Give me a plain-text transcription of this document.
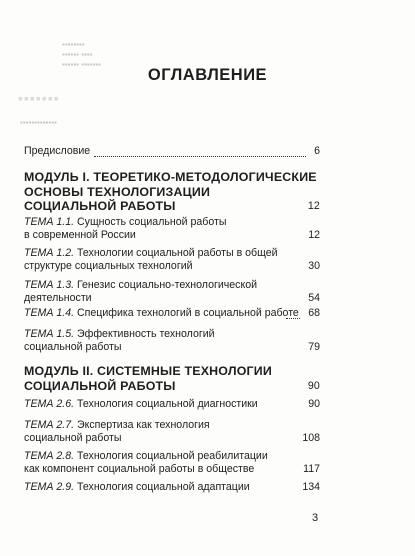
▪▪▪▪▪▪▪▪
▪▪▪▪▪▪ ▪▪▪▪
▪▪▪▪▪▪ ▪▪▪▪▪▪▪
▪▪▪▪▪▪▪
▪▪▪▪▪▪▪▪▪▪▪▪▪
ОГЛАВЛЕНИЕ
Предисловие	6
МОДУЛЬ I. ТЕОРЕТИКО-МЕТОДОЛОГИЧЕСКИЕ
ОСНОВЫ ТЕХНОЛОГИЗАЦИИ
СОЦИАЛЬНОЙ РАБОТЫ	12
ТЕМА 1.1. Сущность социальной работы
в современной России	12
ТЕМА 1.2. Технологии социальной работы в общей
структуре социальных технологий	30
ТЕМА 1.3. Генезис социально-технологической
деятельности	54
ТЕМА 1.4. Специфика технологий в социальной работе 68
ТЕМА 1.5. Эффективность технологий
социальной работы	79
МОДУЛЬ II. СИСТЕМНЫЕ ТЕХНОЛОГИИ
СОЦИАЛЬНОЙ РАБОТЫ	90
ТЕМА 2.6. Технология социальной диагностики	90
ТЕМА 2.7. Экспертиза как технология
социальной работы	108
ТЕМА 2.8. Технология социальной реабилитации
как компонент социальной работы в обществе	117
ТЕМА 2.9. Технология социальной адаптации	134
3
